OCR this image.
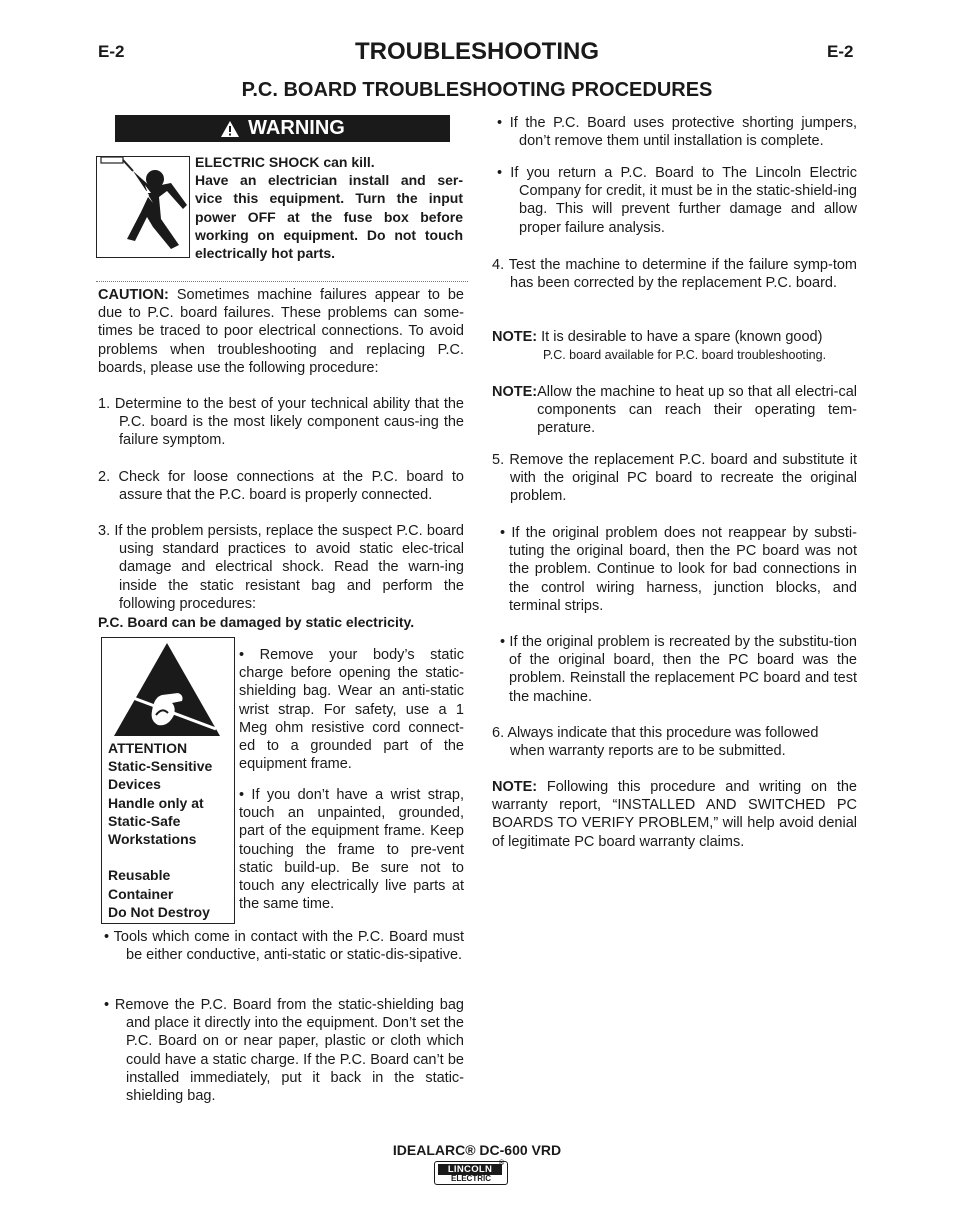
E-2	E-2
TROUBLESHOOTING
P.C. BOARD TROUBLESHOOTING PROCEDURES
WARNING
ELECTRIC SHOCK can kill.
Have an electrician install and ser-
vice this equipment. Turn the input
power OFF at the fuse box before
working on equipment. Do not touch
electrically hot parts.
CAUTION: Sometimes machine failures appear to be due to P.C. board failures. These problems can some-times be traced to poor electrical connections. To avoid problems when troubleshooting and replacing P.C. boards, please use the following procedure:
1. Determine to the best of your technical ability that the P.C. board is the most likely component caus-ing the failure symptom.
2. Check for loose connections at the P.C. board to assure that the P.C. board is properly connected.
3. If the problem persists, replace the suspect P.C. board using standard practices to avoid static elec-trical damage and electrical shock. Read the warn-ing inside the static resistant bag and perform the following procedures:
P.C. Board can be damaged by static electricity.
ATTENTION
Static-Sensitive
Devices
Handle only at
Static-Safe
Workstations
Reusable
Container
Do Not Destroy
• Remove your body’s static charge before opening the static-shielding bag. Wear an anti-static wrist strap. For safety, use a 1 Meg ohm resistive cord connect-ed to a grounded part of the equipment frame.
• If you don’t have a wrist strap, touch an unpainted, grounded, part of the equipment frame. Keep touching the frame to pre-vent static build-up. Be sure not to touch any electrically live parts at the same time.
• Tools which come in contact with the P.C. Board must be either conductive, anti-static or static-dis-sipative.
• Remove the P.C. Board from the static-shielding bag and place it directly into the equipment. Don’t set the P.C. Board on or near paper, plastic or cloth which could have a static charge. If the P.C. Board can’t be installed immediately, put it back in the static-shielding bag.
• If the P.C. Board uses protective shorting jumpers, don’t remove them until installation is complete.
• If you return a P.C. Board to The Lincoln Electric Company for credit, it must be in the static-shield-ing bag. This will prevent further damage and allow proper failure analysis.
4. Test the machine to determine if the failure symp-tom has been corrected by the replacement P.C. board.
NOTE: It is desirable to have a spare (known good)
P.C. board available for P.C. board troubleshooting.
NOTE: Allow the machine to heat up so that all electri-cal components can reach their operating tem-perature.
5. Remove the replacement P.C. board and substitute it with the original PC board to recreate the original problem.
• If the original problem does not reappear by substi-tuting the original board, then the PC board was not the problem. Continue to look for bad connections in the control wiring harness, junction blocks, and terminal strips.
• If the original problem is recreated by the substitu-tion of the original board, then the PC board was the problem. Reinstall the replacement PC board and test the machine.
6. Always indicate that this procedure was followed when warranty reports are to be submitted.
NOTE: Following this procedure and writing on the warranty report, “INSTALLED AND SWITCHED PC BOARDS TO VERIFY PROBLEM,” will help avoid denial of legitimate PC board warranty claims.
IDEALARC® DC-600 VRD
LINCOLN
ELECTRIC
®
